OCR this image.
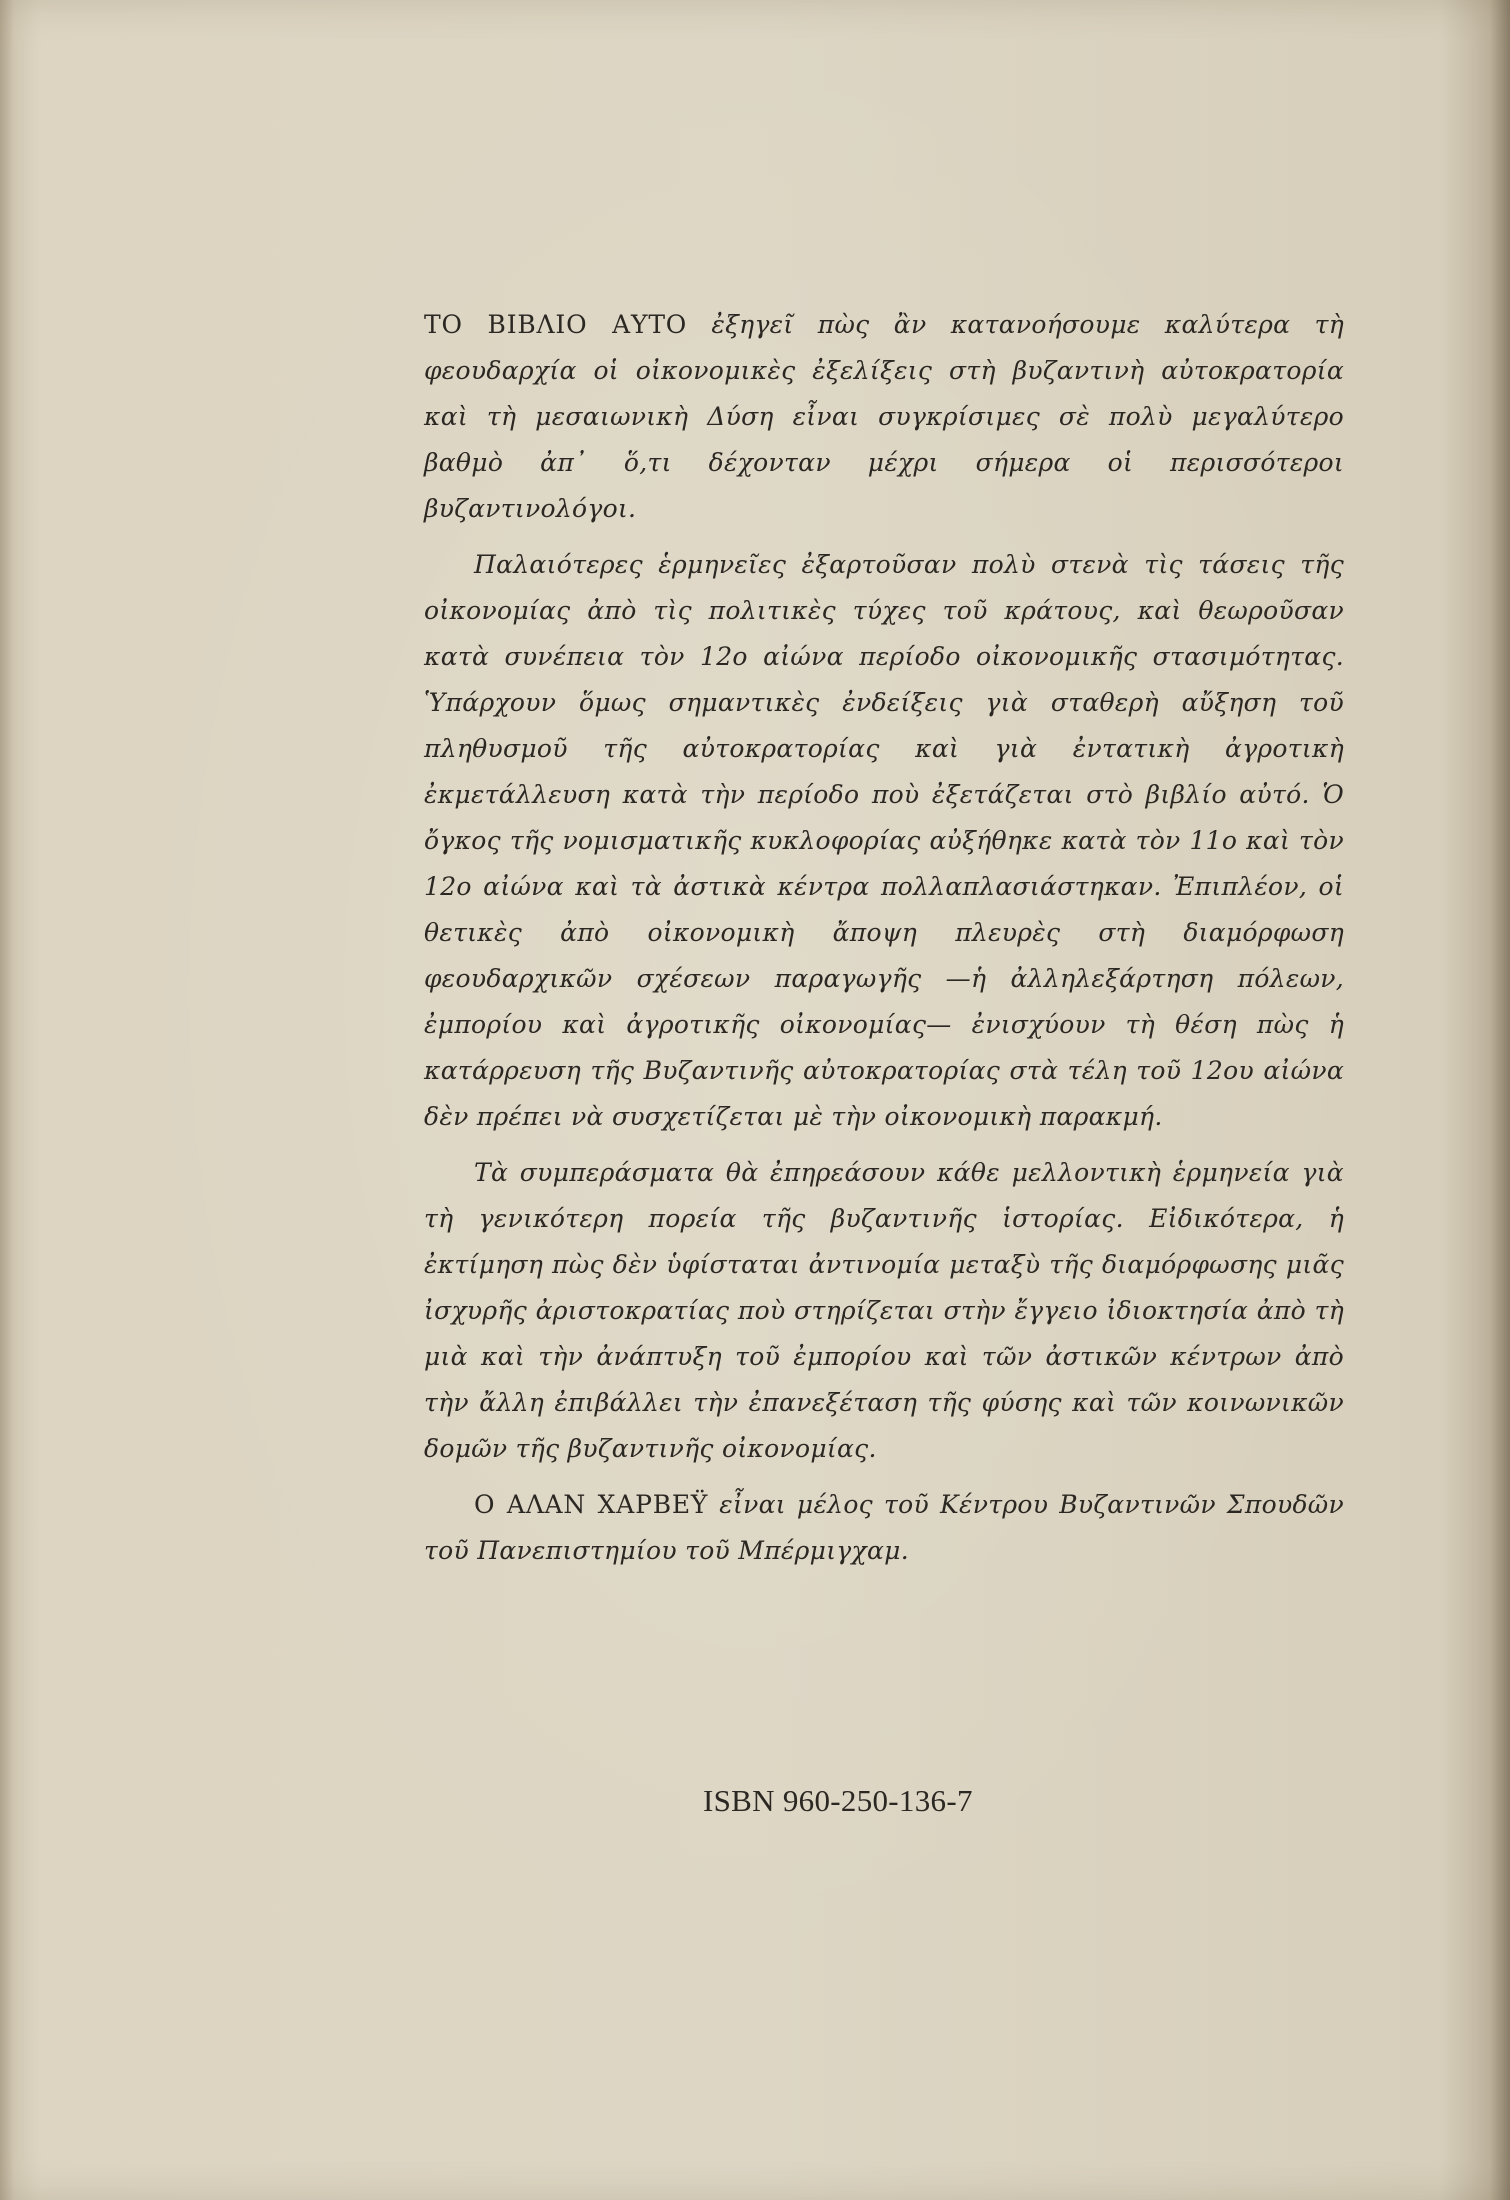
ΤΟ ΒΙΒΛΙΟ ΑΥΤΟ ἐξηγεῖ πὼς ἂν κατανοήσουμε καλύτερα τὴ φεουδαρχία οἱ οἰκονομικὲς ἐξελίξεις στὴ βυζαντινὴ αὐτοκρατορία καὶ τὴ μεσαιωνικὴ Δύση εἶναι συγκρίσιμες σὲ πολὺ μεγαλύτερο βαθμὸ ἀπ᾽ ὅ,τι δέχονταν μέχρι σήμερα οἱ περισσότεροι βυζαντινολόγοι.

Παλαιότερες ἑρμηνεῖες ἐξαρτοῦσαν πολὺ στενὰ τὶς τάσεις τῆς οἰκονομίας ἀπὸ τὶς πολιτικὲς τύχες τοῦ κράτους, καὶ θεωροῦσαν κατὰ συνέπεια τὸν 12ο αἰώνα περίοδο οἰκονομικῆς στασιμότητας. Ὑπάρχουν ὅμως σημαντικὲς ἐνδείξεις γιὰ σταθερὴ αὔξηση τοῦ πληθυσμοῦ τῆς αὐτοκρατορίας καὶ γιὰ ἐντατικὴ ἀγροτικὴ ἐκμετάλλευση κατὰ τὴν περίοδο ποὺ ἐξετάζεται στὸ βιβλίο αὐτό. Ὁ ὄγκος τῆς νομισματικῆς κυκλοφορίας αὐξήθηκε κατὰ τὸν 11ο καὶ τὸν 12ο αἰώνα καὶ τὰ ἀστικὰ κέντρα πολλαπλασιάστηκαν. Ἐπιπλέον, οἱ θετικὲς ἀπὸ οἰκονομικὴ ἄποψη πλευρὲς στὴ διαμόρφωση φεουδαρχικῶν σχέσεων παραγωγῆς —ἡ ἀλληλεξάρτηση πόλεων, ἐμπορίου καὶ ἀγροτικῆς οἰκονομίας— ἐνισχύουν τὴ θέση πὼς ἡ κατάρρευση τῆς Βυζαντινῆς αὐτοκρατορίας στὰ τέλη τοῦ 12ου αἰώνα δὲν πρέπει νὰ συσχετίζεται μὲ τὴν οἰκονομικὴ παρακμή.

Τὰ συμπεράσματα θὰ ἐπηρεάσουν κάθε μελλοντικὴ ἑρμηνεία γιὰ τὴ γενικότερη πορεία τῆς βυζαντινῆς ἱστορίας. Εἰδικότερα, ἡ ἐκτίμηση πὼς δὲν ὑφίσταται ἀντινομία μεταξὺ τῆς διαμόρφωσης μιᾶς ἰσχυρῆς ἀριστοκρατίας ποὺ στηρίζεται στὴν ἔγγειο ἰδιοκτησία ἀπὸ τὴ μιὰ καὶ τὴν ἀνάπτυξη τοῦ ἐμπορίου καὶ τῶν ἀστικῶν κέντρων ἀπὸ τὴν ἄλλη ἐπιβάλλει τὴν ἐπανεξέταση τῆς φύσης καὶ τῶν κοινωνικῶν δομῶν τῆς βυζαντινῆς οἰκονομίας.

Ο ΑΛΑΝ ΧΑΡΒΕΫ εἶναι μέλος τοῦ Κέντρου Βυζαντινῶν Σπουδῶν τοῦ Πανεπιστημίου τοῦ Μπέρμιγχαμ.

ISBN 960-250-136-7
